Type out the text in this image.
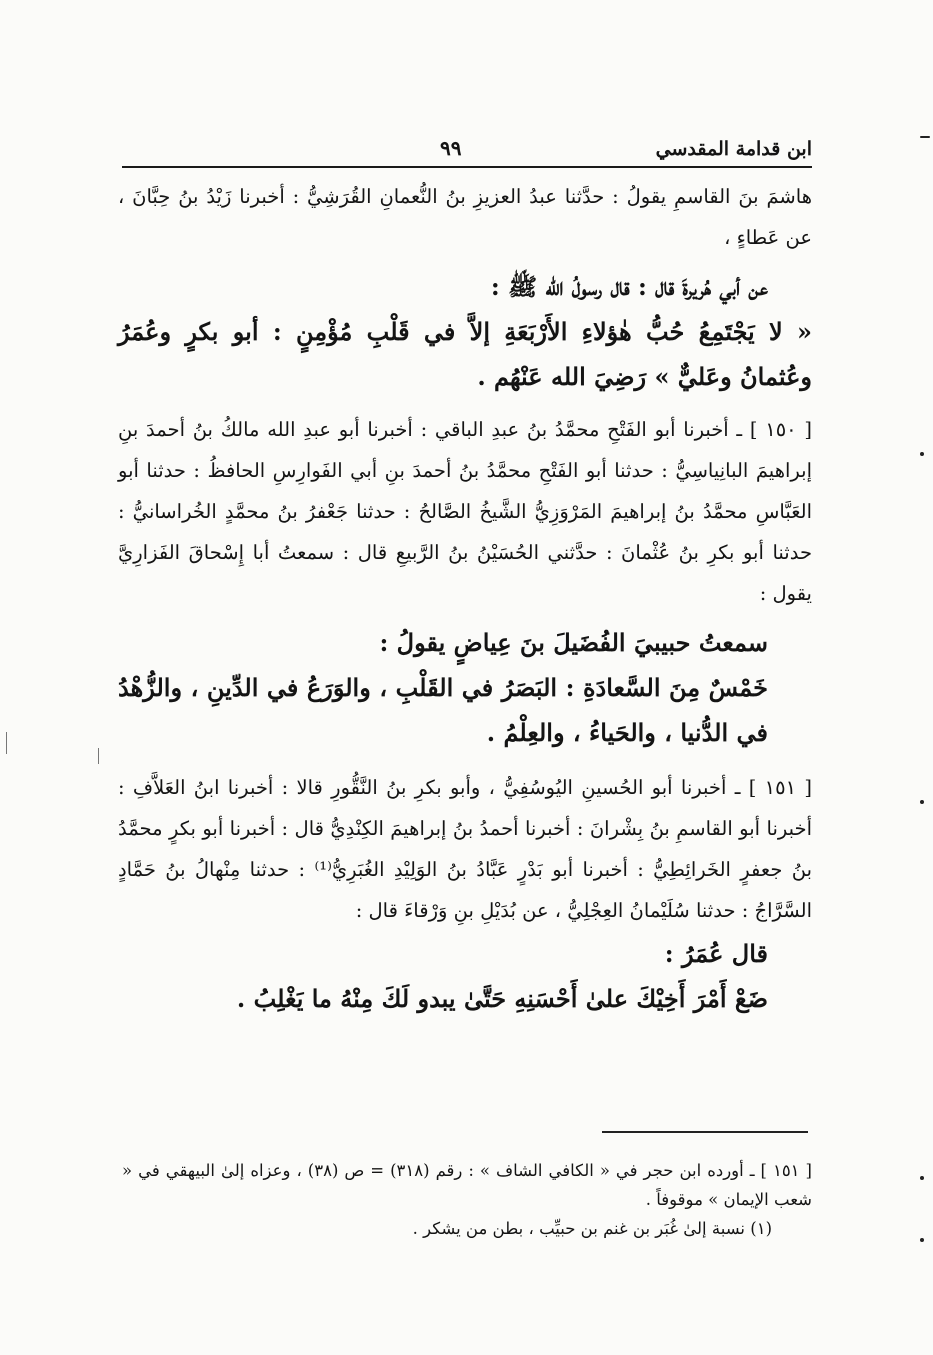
ابن قدامة المقدسي
٩٩

هاشمَ بنَ القاسمِ يقولُ : حدَّثنا عبدُ العزيزِ بنُ النُّعمانِ القُرَشِيُّ : أخبرنا زَيْدُ بنُ حِبَّانَ ، عن عَطاءٍ ،

عن أبي هُريرةَ قال : قال رسولُ الله ﷺ :

« لا يَجْتَمِعُ حُبُّ هٰؤلاءِ الأَرْبَعَةِ إلاَّ في قَلْبِ مُؤْمِنٍ : أبو بكرٍ وعُمَرُ وعُثمانُ وعَليٌّ » رَضِيَ الله عَنْهُم .

[ ١٥٠ ] ـ أخبرنا أبو الفَتْحِ محمَّدُ بنُ عبدِ الباقي : أخبرنا أبو عبدِ الله مالكُ بنُ أحمدَ بنِ إبراهيمَ البانِياسِيُّ : حدثنا أبو الفَتْحِ محمَّدُ بنُ أحمدَ بنِ أبي الفَوارِسِ الحافظُ : حدثنا أبو العَبَّاسِ محمَّدُ بنُ إبراهيمَ المَرْوَزِيُّ الشَّيخُ الصَّالحُ : حدثنا جَعْفرُ بنُ محمَّدٍ الخُراسانيُّ : حدثنا أبو بكرِ بنُ عُثْمانَ : حدَّثني الحُسَيْنُ بنُ الرَّبيعِ قال : سمعتُ أبا إِسْحاقَ الفَزارِيَّ يقول :

سمعتُ حبيبيَ الفُضَيلَ بنَ عِياضٍ يقولُ :

خَمْسٌ مِنَ السَّعادَةِ : البَصَرُ في القَلْبِ ، والوَرَعُ في الدِّينِ ، والزُّهْدُ في الدُّنيا ، والحَياءُ ، والعِلْمُ .

[ ١٥١ ] ـ أخبرنا أبو الحُسينِ اليُوسُفِيُّ ، وأبو بكرِ بنُ النَّقُّورِ قالا : أخبرنا ابنُ العَلاَّفِ : أخبرنا أبو القاسمِ بنُ بِشْرانَ : أخبرنا أحمدُ بنُ إبراهيمَ الكِنْدِيُّ قال : أخبرنا أبو بكرٍ محمَّدُ بنُ جعفرٍ الخَرائِطِيُّ : أخبرنا أبو بَدْرٍ عَبَّادُ بنُ الوَلِيْدِ الغُبَرِيُّ⁽¹⁾ : حدثنا مِنْهالُ بنُ حَمَّادٍ السَّرَّاجُ : حدثنا سُلَيْمانُ العِجْلِيُّ ، عن بُدَيْلِ بنِ وَرْقاءَ قال :

قال عُمَرُ :

ضَعْ أَمْرَ أَخِيْكَ علىٰ أَحْسَنِهِ حَتَّىٰ يبدو لَكَ مِنْهُ ما يَغْلِبُ .

[ ١٥١ ] ـ أورده ابن حجر في « الكافي الشاف » : رقم (٣١٨) = ص (٣٨) ، وعزاه إلىٰ البيهقي في « شعب الإيمان » موقوفاً .

(١) نسبة إلىٰ غُبَر بن غنم بن حبيِّب ، بطن من يشكر .
